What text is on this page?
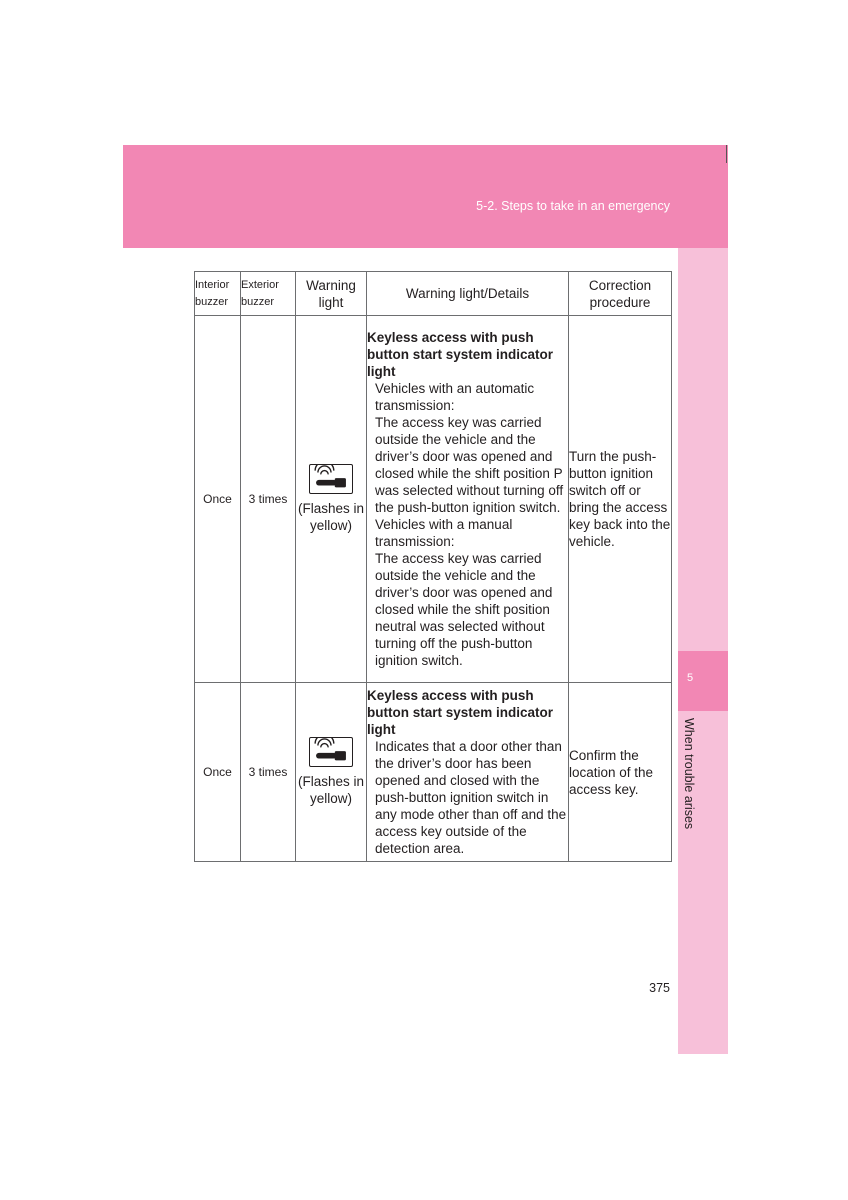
5-2. Steps to take in an emergency
5
When trouble arises
Interior buzzer	Exterior buzzer	Warning light	Warning light/Details	Correction procedure
Once	3 times	(Flashes in yellow)	Keyless access with push button start system indicator light
Vehicles with an automatic transmission:
The access key was carried outside the vehicle and the driver’s door was opened and closed while the shift position P was selected without turning off the push-button ignition switch.
Vehicles with a manual transmission:
The access key was carried outside the vehicle and the driver’s door was opened and closed while the shift position neutral was selected without turning off the push-button ignition switch.	Turn the push-button ignition switch off or bring the access key back into the vehicle.
Once	3 times	(Flashes in yellow)	Keyless access with push button start system indicator light
Indicates that a door other than the driver’s door has been opened and closed with the push-button ignition switch in any mode other than off and the access key outside of the detection area.	Confirm the location of the access key.
375
